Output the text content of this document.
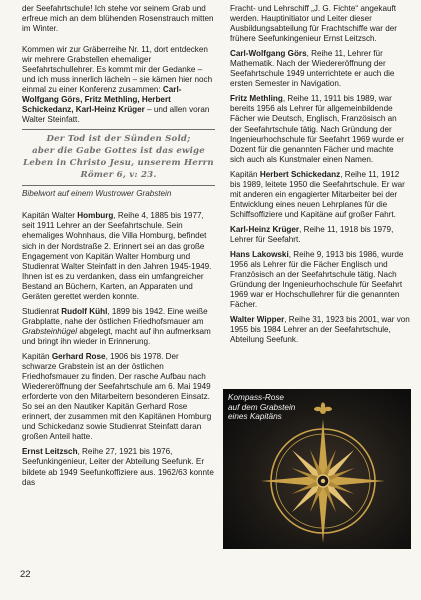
der Seefahrtschule! Ich stehe vor seinem Grab und erfreue mich an dem blühenden Rosenstrauch mitten im Winter.

Kommen wir zur Gräberreihe Nr. 11, dort entdecken wir mehrere Grabstellen ehemaliger Seefahrtschullehrer. Es kommt mir der Gedanke – und ich muss innerlich lächeln – sie kämen hier noch einmal zu einer Konferenz zusammen: Carl-Wolfgang Görs, Fritz Methling, Herbert Schickedanz, Karl-Heinz Krüger – und allen voran Walter Steinfatt.

Der Tod ist der Sünden Sold;
aber die Gabe Gottes ist das ewige
Leben in Christo Jesu, unserem Herrn
Römer 6, v: 23.
Bibelwort auf einem Wustrower Grabstein

Kapitän Walter Homburg, Reihe 4, 1885 bis 1977, seit 1911 Lehrer an der Seefahrtschule. Sein ehemaliges Wohnhaus, die Villa Homburg, befindet sich in der Nordstraße 2. Erinnert sei an das große Engagement von Kapitän Walter Homburg und Studienrat Walter Steinfatt in den Jahren 1945-1949. Ihnen ist es zu verdanken, dass ein umfangreicher Bestand an Büchern, Karten, an Apparaten und Geräten gerettet werden konnte.

Studienrat Rudolf Kühl, 1899 bis 1942. Eine weiße Grabplatte, nahe der östlichen Friedhofsmauer am Grabsteinhügel abgelegt, macht auf ihn aufmerksam und bringt ihn wieder in Erinnerung.

Kapitän Gerhard Rose, 1906 bis 1978. Der schwarze Grabstein ist an der östlichen Friedhofsmauer zu finden. Der rasche Aufbau nach Wiedereröffnung der Seefahrtschule am 6. Mai 1949 erforderte von den Mitarbeitern besonderen Einsatz. So sei an den Nautiker Kapitän Gerhard Rose erinnert, der zusammen mit den Kapitänen Homburg und Schickedanz sowie Studienrat Steinfatt daran großen Anteil hatte.

Ernst Leitzsch, Reihe 27, 1921 bis 1976, Seefunkingenieur, Leiter der Abteilung Seefunk. Er bildete ab 1949 Seefunkoffiziere aus. 1962/63 konnte das

Fracht- und Lehrschiff „J. G. Fichte“ angekauft werden. Hauptinitiator und Leiter dieser Ausbildungsabteilung für Frachtschiffe war der frühere Seefunkingenieur Ernst Leitzsch.

Carl-Wolfgang Görs, Reihe 11, Lehrer für Mathematik. Nach der Wiedereröffnung der Seefahrtschule 1949 unterrichtete er auch die ersten Semester in Navigation.

Fritz Methling, Reihe 11, 1911 bis 1989, war bereits 1956 als Lehrer für allgemeinbildende Fächer wie Deutsch, Englisch, Französisch an der Seefahrtschule tätig. Nach Gründung der Ingenieurhochschule für Seefahrt 1969 wurde er Dozent für die genannten Fächer und machte sich auch als Kunstmaler einen Namen.

Kapitän Herbert Schickedanz, Reihe 11, 1912 bis 1989, leitete 1950 die Seefahrtschule. Er war mit anderen ein engagierter Mitarbeiter bei der Entwicklung eines neuen Lehrplanes für die Schiffsoffiziere und Kapitäne auf großer Fahrt.

Karl-Heinz Krüger, Reihe 11, 1918 bis 1979, Lehrer für Seefahrt.

Hans Lakowski, Reihe 9, 1913 bis 1986, wurde 1956 als Lehrer für die Fächer Englisch und Französisch an der Seefahrtschule tätig. Nach Gründung der Ingenieurhochschule für Seefahrt 1969 war er Hochschullehrer für die genannten Fächer.

Walter Wipper, Reihe 31, 1923 bis 2001, war von 1955 bis 1984 Lehrer an der Seefahrtschule, Abteilung Seefunk.

Kompass-Rose
auf dem Grabstein
eines Kapitäns
22
